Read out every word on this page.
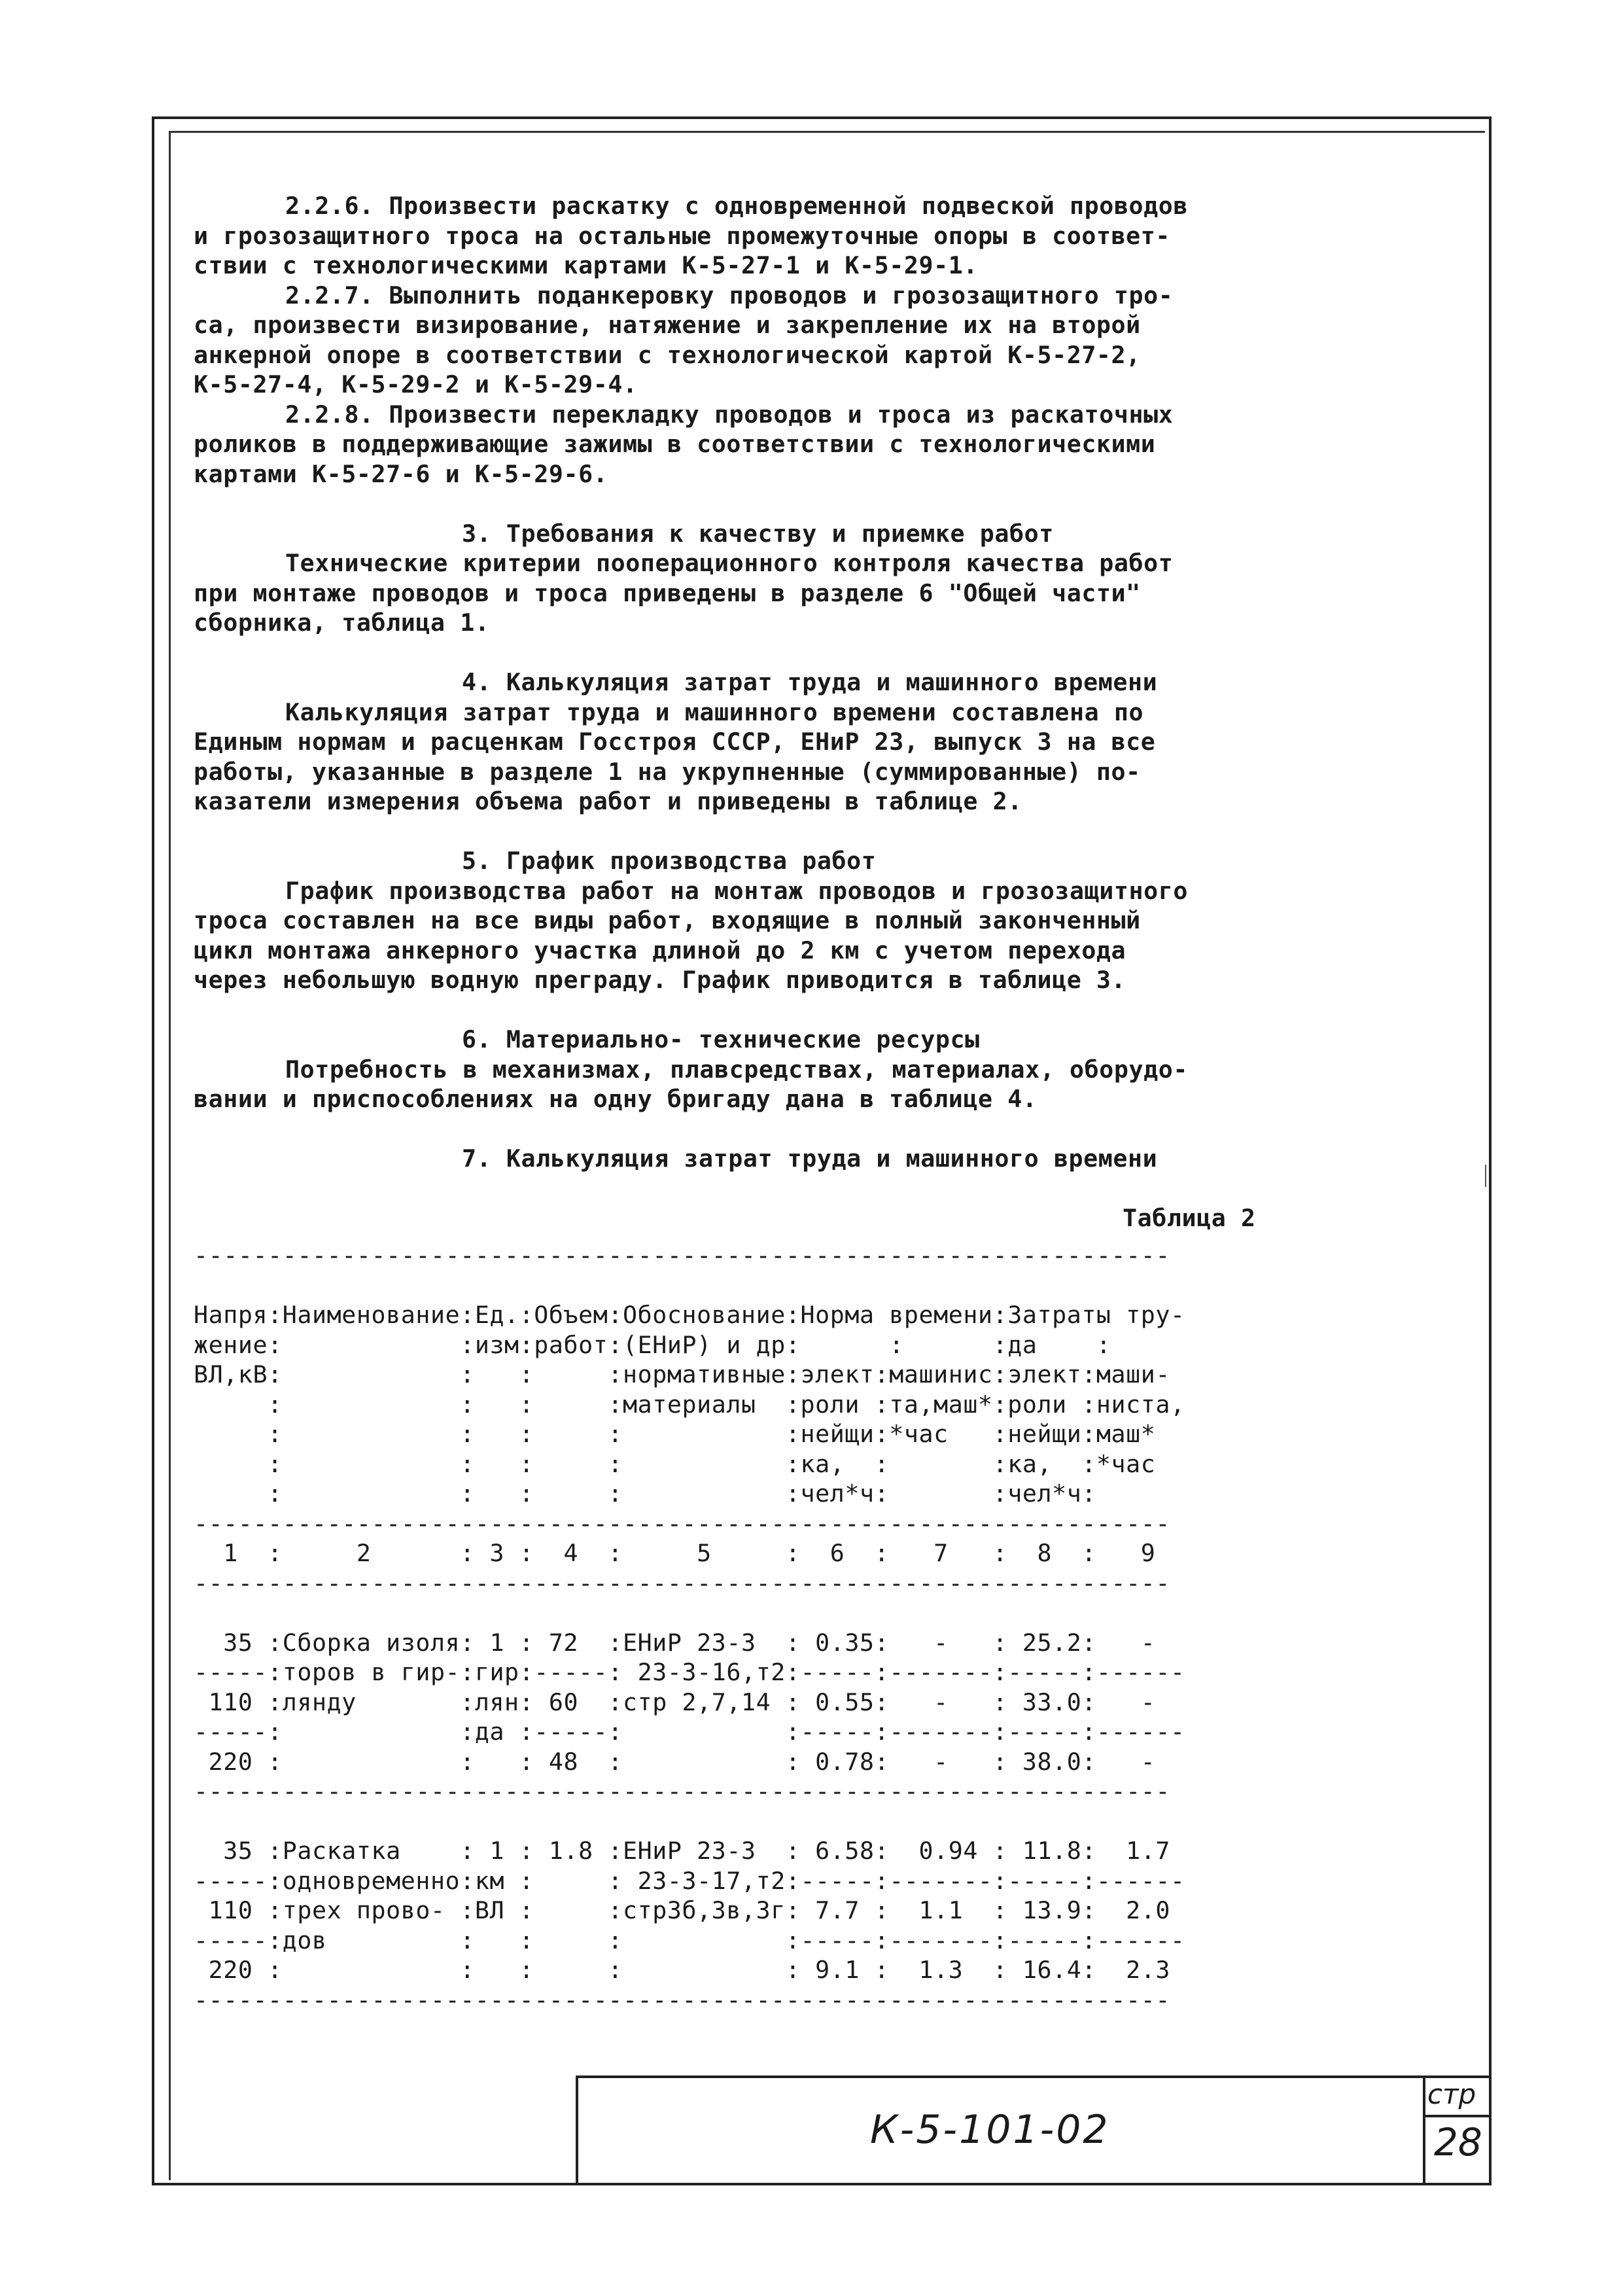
2.2.6. Произвести раскатку с одновременной подвеской проводов
и грозозащитного троса на остальные промежуточные опоры в соответ-
ствии с технологическими картами К-5-27-1 и К-5-29-1.
2.2.7. Выполнить поданкеровку проводов и грозозащитного тро-
са, произвести визирование, натяжение и закрепление их на второй
анкерной опоре в соответствии с технологической картой К-5-27-2,
К-5-27-4, К-5-29-2 и К-5-29-4.
2.2.8. Произвести перекладку проводов и троса из раскаточных
роликов в поддерживающие зажимы в соответствии с технологическими
картами К-5-27-6 и К-5-29-6.
3. Требования к качеству и приемке работ
Технические критерии пооперационного контроля качества работ
при монтаже проводов и троса приведены в разделе 6 "Общей части"
сборника, таблица 1.
4. Калькуляция затрат труда и машинного времени
Калькуляция затрат труда и машинного времени составлена по
Единым нормам и расценкам Госстроя СССР, ЕНиР 23, выпуск 3 на все
работы, указанные в разделе 1 на укрупненные (суммированные) по-
казатели измерения объема работ и приведены в таблице 2.
5. График производства работ
График производства работ на монтаж проводов и грозозащитного
троса составлен на все виды работ, входящие в полный законченный
цикл монтажа анкерного участка длиной до 2 км с учетом перехода
через небольшую водную преграду. График приводится в таблице 3.
6. Материально- технические ресурсы
Потребность в механизмах, плавсредствах, материалах, оборудо-
вании и приспособлениях на одну бригаду дана в таблице 4.
7. Калькуляция затрат труда и машинного времени
Таблица 2
------------------------------------------------------------------
Напря:Наименование:Ед.:Объем:Обоснование:Норма времени:Затраты тру-
жение:            :изм:работ:(ЕНиР) и др:      :      :да    :
ВЛ,кВ:            :   :     :нормативные:элект:машинис:элект:маши-
:            :   :     :материалы  :роли :та,маш*:роли :ниста,
:            :   :     :           :нейщи:*час   :нейщи:маш*
:            :   :     :           :ка,  :       :ка,  :*час
:            :   :     :           :чел*ч:       :чел*ч:
------------------------------------------------------------------
1  :     2      : 3 :  4  :     5     :  6  :   7   :  8  :   9
------------------------------------------------------------------
35 :Сборка изоля: 1 : 72  :ЕНиР 23-3  : 0.35:   -   : 25.2:   -
-----:торов в гир-:гир:-----: 23-3-16,т2:-----:-------:-----:------
110 :лянду       :лян: 60  :стр 2,7,14 : 0.55:   -   : 33.0:   -
-----:            :да :-----:           :-----:-------:-----:------
220 :            :   : 48  :           : 0.78:   -   : 38.0:   -
------------------------------------------------------------------
35 :Раскатка    : 1 : 1.8 :ЕНиР 23-3  : 6.58:  0.94 : 11.8:  1.7
-----:одновременно:км :     : 23-3-17,т2:-----:-------:-----:------
110 :трех прово- :ВЛ :     :стр3б,3в,3г: 7.7 :  1.1  : 13.9:  2.0
-----:дов         :   :     :           :-----:-------:-----:------
220 :            :   :     :           : 9.1 :  1.3  : 16.4:  2.3
------------------------------------------------------------------
К-5-101-02
стр
28
